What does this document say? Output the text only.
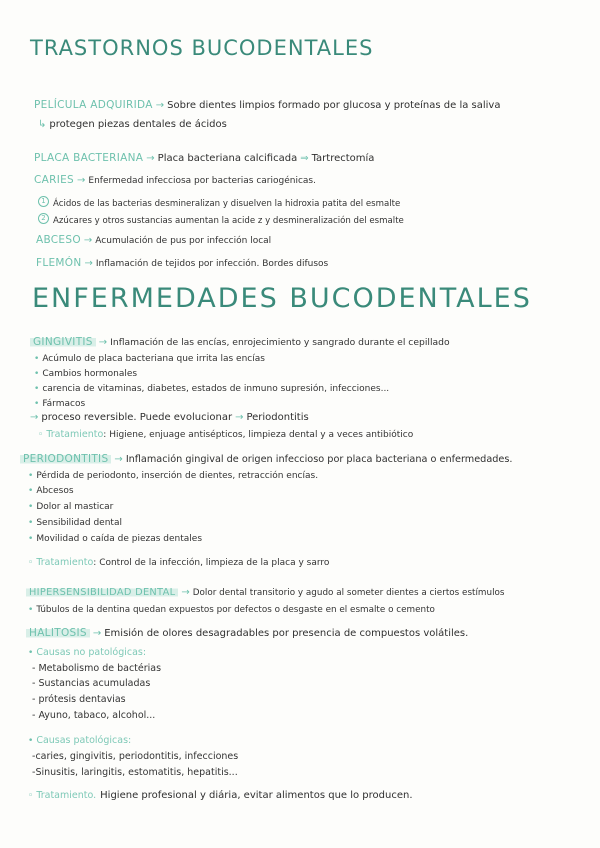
TRASTORNOS BUCODENTALES
PELÍCULA ADQUIRIDA → Sobre dientes limpios formado por glucosa y proteínas de la saliva
↳ protegen piezas dentales de ácidos
PLACA BACTERIANA → Placa bacteriana calcificada ⇒ Tartrectomía
CARIES → Enfermedad infecciosa por bacterias cariogénicas.
1 Ácidos de las bacterias desmineralizan y disuelven la hidroxia patita del esmalte
2 Azúcares y otros sustancias aumentan la acide z y desmineralización del esmalte
ABCESO → Acumulación de pus por infección local
FLEMÓN → Inflamación de tejidos por infección. Bordes difusos
ENFERMEDADES BUCODENTALES
GINGIVITIS → Inflamación de las encías, enrojecimiento y sangrado durante el cepillado
• Acúmulo de placa bacteriana que irrita las encías
• Cambios hormonales
• carencia de vitaminas, diabetes, estados de inmuno supresión, infecciones...
• Fármacos
→ proceso reversible. Puede evolucionar → Periodontitis
◦ Tratamiento: Higiene, enjuage antisépticos, limpieza dental y a veces antibiótico
PERIODONTITIS → Inflamación gingival de origen infeccioso por placa bacteriana o enfermedades.
• Pérdida de periodonto, inserción de dientes, retracción encías.
• Abcesos
• Dolor al masticar
• Sensibilidad dental
• Movilidad o caída de piezas dentales
◦ Tratamiento: Control de la infección, limpieza de la placa y sarro
HIPERSENSIBILIDAD DENTAL → Dolor dental transitorio y agudo al someter dientes a ciertos estímulos
• Túbulos de la dentina quedan expuestos por defectos o desgaste en el esmalte o cemento
HALITOSIS → Emisión de olores desagradables por presencia de compuestos volátiles.
• Causas no patológicas:
- Metabolismo de bactérias
- Sustancias acumuladas
- prótesis dentavias
- Ayuno, tabaco, alcohol...
• Causas patológicas:
-caries, gingivitis, periodontitis, infecciones
-Sinusitis, laringitis, estomatitis, hepatitis...
◦ Tratamiento. Higiene profesional y diária, evitar alimentos que lo producen.
